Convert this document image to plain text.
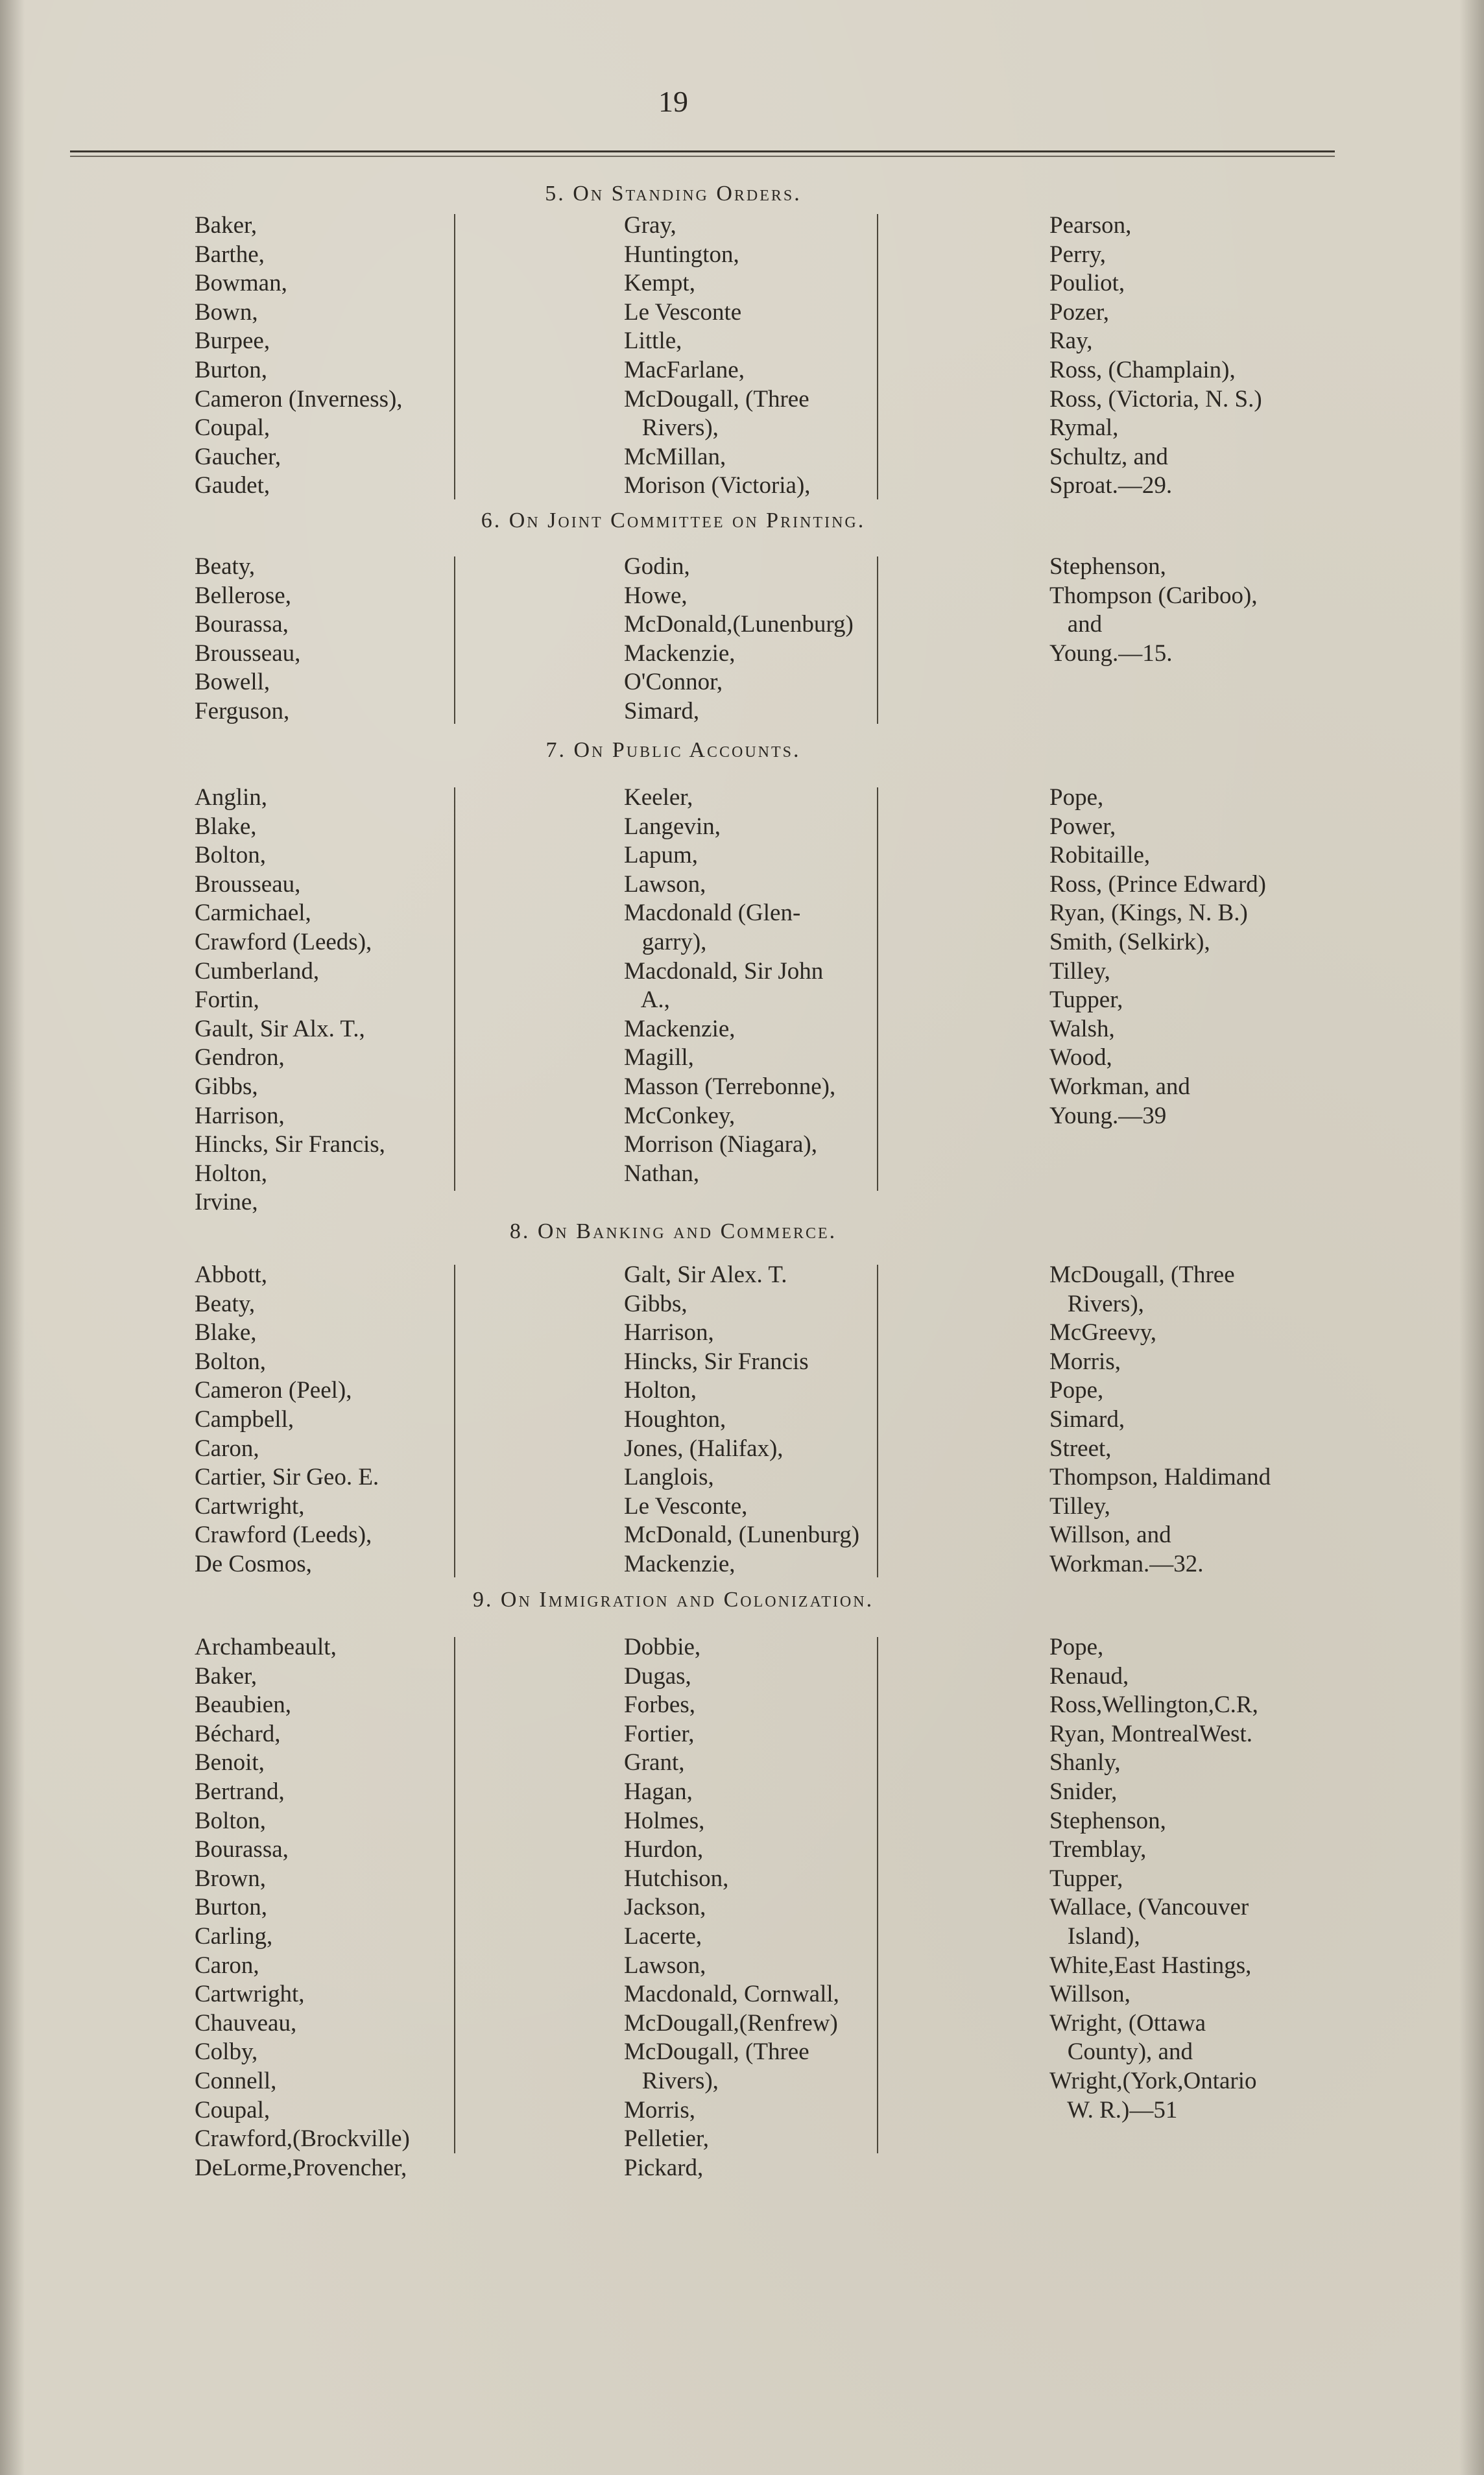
19
5. On Standing Orders.
Baker,
Barthe,
Bowman,
Bown,
Burpee,
Burton,
Cameron (Inverness),
Coupal,
Gaucher,
Gaudet,
Gray,
Huntington,
Kempt,
Le Vesconte
Little,
MacFarlane,
McDougall, (Three
Rivers),
McMillan,
Morison (Victoria),
Pearson,
Perry,
Pouliot,
Pozer,
Ray,
Ross, (Champlain),
Ross, (Victoria, N. S.)
Rymal,
Schultz, and
Sproat.—29.
6. On Joint Committee on Printing.
Beaty,
Bellerose,
Bourassa,
Brousseau,
Bowell,
Ferguson,
Godin,
Howe,
McDonald,(Lunenburg)
Mackenzie,
O'Connor,
Simard,
Stephenson,
Thompson (Cariboo),
and
Young.—15.
7. On Public Accounts.
Anglin,
Blake,
Bolton,
Brousseau,
Carmichael,
Crawford (Leeds),
Cumberland,
Fortin,
Gault, Sir Alx. T.,
Gendron,
Gibbs,
Harrison,
Hincks, Sir Francis,
Holton,
Irvine,
Keeler,
Langevin,
Lapum,
Lawson,
Macdonald (Glen-
garry),
Macdonald, Sir John
A.,
Mackenzie,
Magill,
Masson (Terrebonne),
McConkey,
Morrison (Niagara),
Nathan,
Pope,
Power,
Robitaille,
Ross, (Prince Edward)
Ryan, (Kings, N. B.)
Smith, (Selkirk),
Tilley,
Tupper,
Walsh,
Wood,
Workman, and
Young.—39
8. On Banking and Commerce.
Abbott,
Beaty,
Blake,
Bolton,
Cameron (Peel),
Campbell,
Caron,
Cartier, Sir Geo. E.
Cartwright,
Crawford (Leeds),
De Cosmos,
Galt, Sir Alex. T.
Gibbs,
Harrison,
Hincks, Sir Francis
Holton,
Houghton,
Jones, (Halifax),
Langlois,
Le Vesconte,
McDonald, (Lunenburg)
Mackenzie,
McDougall, (Three
Rivers),
McGreevy,
Morris,
Pope,
Simard,
Street,
Thompson, Haldimand
Tilley,
Willson, and
Workman.—32.
9. On Immigration and Colonization.
Archambeault,
Baker,
Beaubien,
Béchard,
Benoit,
Bertrand,
Bolton,
Bourassa,
Brown,
Burton,
Carling,
Caron,
Cartwright,
Chauveau,
Colby,
Connell,
Coupal,
Crawford,(Brockville)
DeLorme,Provencher,
Dobbie,
Dugas,
Forbes,
Fortier,
Grant,
Hagan,
Holmes,
Hurdon,
Hutchison,
Jackson,
Lacerte,
Lawson,
Macdonald, Cornwall,
McDougall,(Renfrew)
McDougall, (Three
Rivers),
Morris,
Pelletier,
Pickard,
Pope,
Renaud,
Ross,Wellington,C.R,
Ryan, MontrealWest.
Shanly,
Snider,
Stephenson,
Tremblay,
Tupper,
Wallace, (Vancouver
Island),
White,East Hastings,
Willson,
Wright, (Ottawa
County), and
Wright,(York,Ontario
W. R.)—51
